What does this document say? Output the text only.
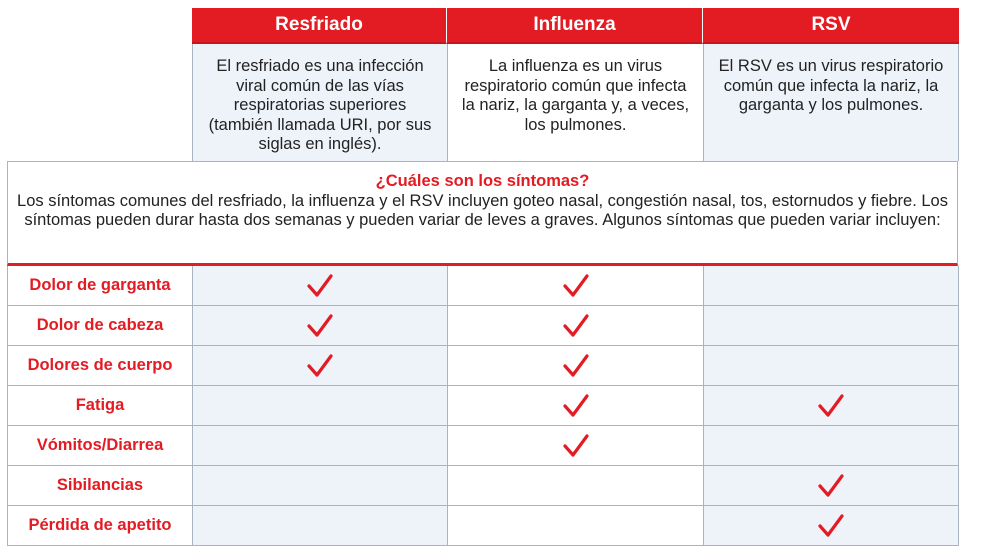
Resfriado	Influenza	RSV
El resfriado es una infección viral común de las vías respiratorias superiores (también llamada URI, por sus siglas en inglés).
La influenza es un virus respiratorio común que infecta la nariz, la garganta y, a veces, los pulmones.
El RSV es un virus respiratorio común que infecta la nariz, la garganta y los pulmones.
¿Cuáles son los síntomas?
Los síntomas comunes del resfriado, la influenza y el RSV incluyen goteo nasal, congestión nasal, tos, estornudos y fiebre. Los síntomas pueden durar hasta dos semanas y pueden variar de leves a graves. Algunos síntomas que pueden variar incluyen:
Dolor de garganta
Dolor de cabeza
Dolores de cuerpo
Fatiga
Vómitos/Diarrea
Sibilancias
Pérdida de apetito
